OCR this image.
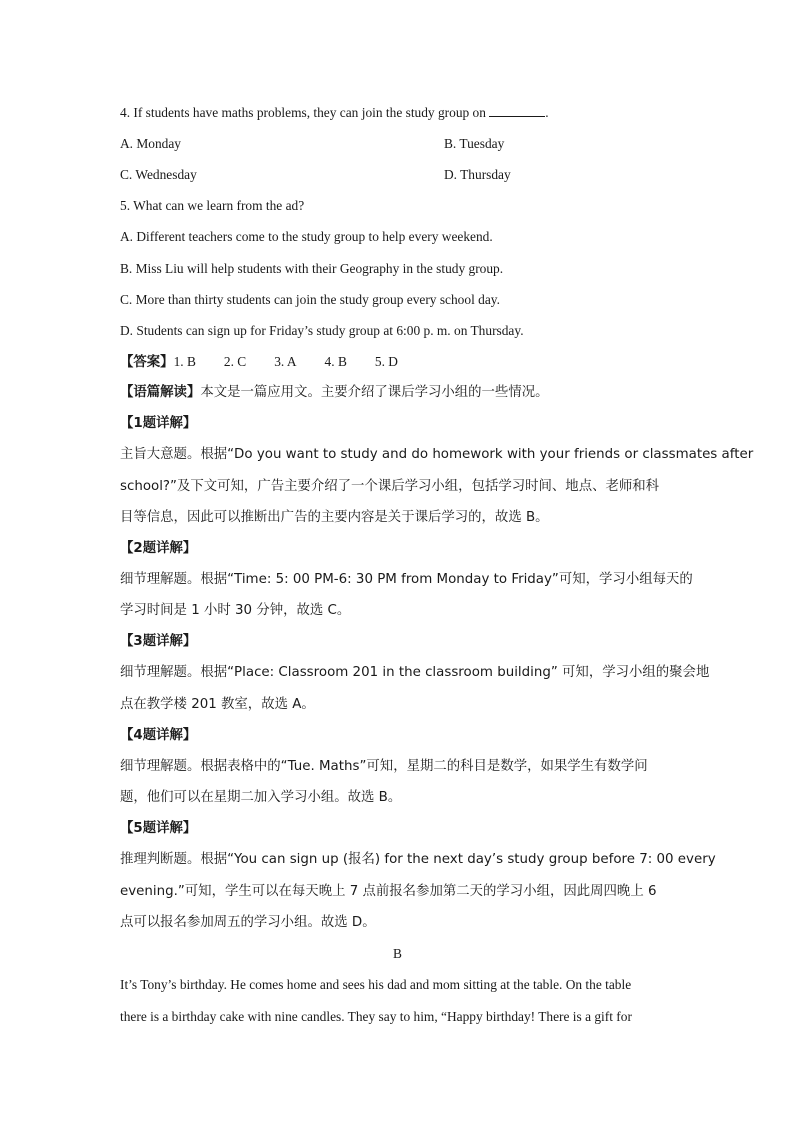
4. If students have maths problems, they can join the study group on	.
A. Monday	B. Tuesday
C. Wednesday	D. Thursday
5. What can we learn from the ad?
A. Different teachers come to the study group to help every weekend.
B. Miss Liu will help students with their Geography in the study group.
C. More than thirty students can join the study group every school day.
D. Students can sign up for Friday’s study group at 6:00 p. m. on Thursday.
【答案】1. B 2. C 3. A 4. B 5. D
【语篇解读】本文是一篇应用文。主要介绍了课后学习小组的一些情况。
【1题详解】
主旨大意题。根据“Do you want to study and do homework with your friends or classmates after
school?”及下文可知，广告主要介绍了一个课后学习小组，包括学习时间、地点、老师和科
目等信息，因此可以推断出广告的主要内容是关于课后学习的，故选 B。
【2题详解】
细节理解题。根据“Time: 5: 00 PM-6: 30 PM from Monday to Friday”可知，学习小组每天的
学习时间是 1 小时 30 分钟，故选 C。
【3题详解】
细节理解题。根据“Place: Classroom 201 in the classroom building” 可知，学习小组的聚会地
点在教学楼 201 教室，故选 A。
【4题详解】
细节理解题。根据表格中的“Tue. Maths”可知，星期二的科目是数学，如果学生有数学问
题，他们可以在星期二加入学习小组。故选 B。
【5题详解】
推理判断题。根据“You can sign up (报名) for the next day’s study group before 7: 00 every
evening.”可知，学生可以在每天晚上 7 点前报名参加第二天的学习小组，因此周四晚上 6
点可以报名参加周五的学习小组。故选 D。
B
It’s Tony’s birthday. He comes home and sees his dad and mom sitting at the table. On the table
there is a birthday cake with nine candles. They say to him, “Happy birthday! There is a gift for
